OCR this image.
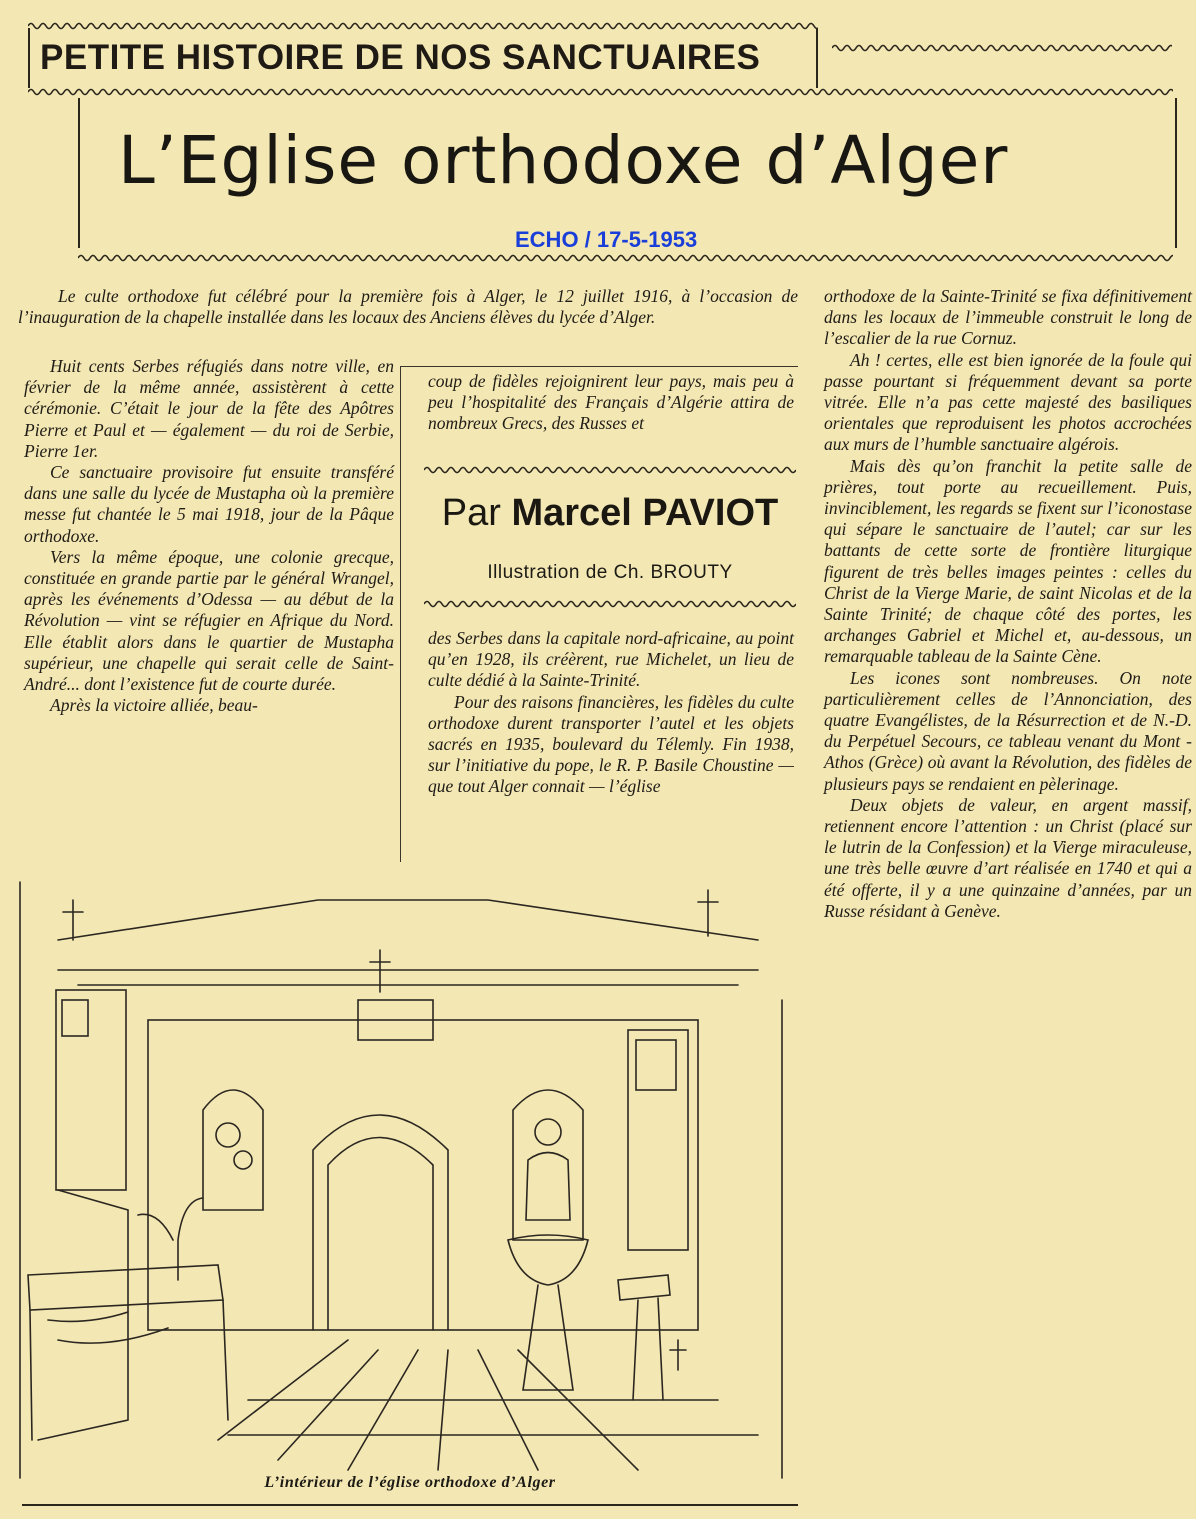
PETITE HISTOIRE DE NOS SANCTUAIRES
L’Eglise orthodoxe d’Alger
ECHO / 17-5-1953

Le culte orthodoxe fut célébré pour la première fois à Alger, le 12 juillet 1916, à l’occasion de l’inauguration de la chapelle installée dans les locaux des Anciens élèves du lycée d’Alger.

Huit cents Serbes réfugiés dans notre ville, en février de la même année, assistèrent à cette cérémonie. C’était le jour de la fête des Apôtres Pierre et Paul et — également — du roi de Serbie, Pierre 1er.

Ce sanctuaire provisoire fut ensuite transféré dans une salle du lycée de Mustapha où la première messe fut chantée le 5 mai 1918, jour de la Pâque orthodoxe.

Vers la même époque, une colonie grecque, constituée en grande partie par le général Wrangel, après les événements d’Odessa — au début de la Révolution — vint se réfugier en Afrique du Nord. Elle établit alors dans le quartier de Mustapha supérieur, une chapelle qui serait celle de Saint-André... dont l’existence fut de courte durée.

Après la victoire alliée, beau-

coup de fidèles rejoignirent leur pays, mais peu à peu l’hospitalité des Français d’Algérie attira de nombreux Grecs, des Russes et

Par Marcel PAVIOT
Illustration de Ch. BROUTY

des Serbes dans la capitale nord-africaine, au point qu’en 1928, ils créèrent, rue Michelet, un lieu de culte dédié à la Sainte-Trinité.

Pour des raisons financières, les fidèles du culte orthodoxe durent transporter l’autel et les objets sacrés en 1935, boulevard du Télemly. Fin 1938, sur l’initiative du pope, le R. P. Basile Choustine — que tout Alger connait — l’église

orthodoxe de la Sainte-Trinité se fixa définitivement dans les locaux de l’immeuble construit le long de l’escalier de la rue Cornuz.

Ah ! certes, elle est bien ignorée de la foule qui passe pourtant si fréquemment devant sa porte vitrée. Elle n’a pas cette majesté des basiliques orientales que reproduisent les photos accrochées aux murs de l’humble sanctuaire algérois.

Mais dès qu’on franchit la petite salle de prières, tout porte au recueillement. Puis, invinciblement, les regards se fixent sur l’iconostase qui sépare le sanctuaire de l’autel; car sur les battants de cette sorte de frontière liturgique figurent de très belles images peintes : celles du Christ de la Vierge Marie, de saint Nicolas et de la Sainte Trinité; de chaque côté des portes, les archanges Gabriel et Michel et, au-dessous, un remarquable tableau de la Sainte Cène.

Les icones sont nombreuses. On note particulièrement celles de l’Annonciation, des quatre Evangélistes, de la Résurrection et de N.-D. du Perpétuel Secours, ce tableau venant du Mont - Athos (Grèce) où avant la Révolution, des fidèles de plusieurs pays se rendaient en pèlerinage.

Deux objets de valeur, en argent massif, retiennent encore l’attention : un Christ (placé sur le lutrin de la Confession) et la Vierge miraculeuse, une très belle œuvre d’art réalisée en 1740 et qui a été offerte, il y a une quinzaine d’années, par un Russe résidant à Genève.

L’intérieur de l’église orthodoxe d’Alger
